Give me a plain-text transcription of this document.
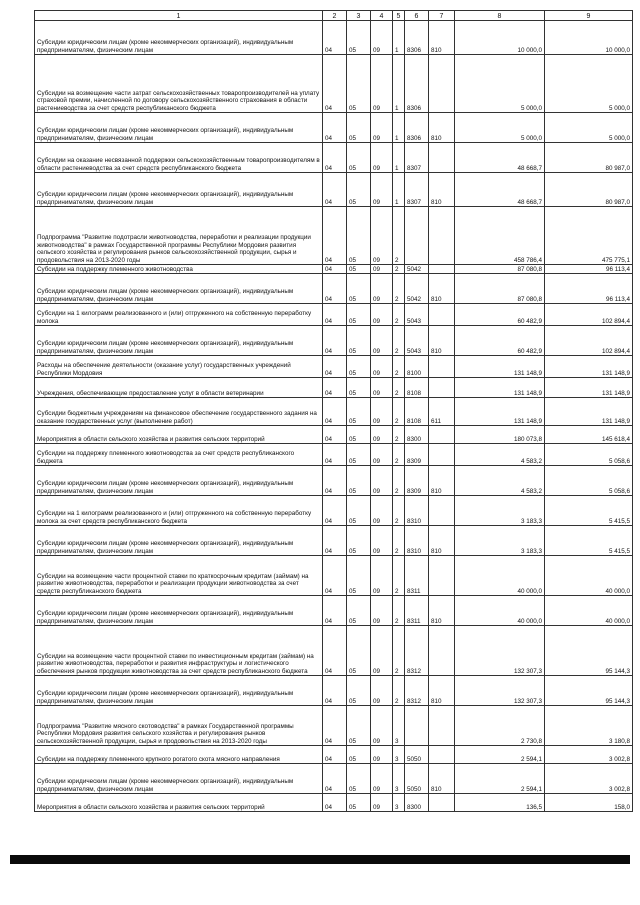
1	2	3	4	5	6	7	8	9
Субсидии юридическим лицам (кроме некоммерческих организаций), индивидуальным предпринимателям, физическим лицам	04	05	09	1	8306	810	10 000,0	10 000,0
Субсидии на возмещение части затрат сельскохозяйственных товаропроизводителей на уплату страховой премии, начисленной по договору сельскохозяйственного страхования в области растениеводства за счет средств республиканского бюджета	04	05	09	1	8306		5 000,0	5 000,0
Субсидии юридическим лицам (кроме некоммерческих организаций), индивидуальным предпринимателям, физическим лицам	04	05	09	1	8306	810	5 000,0	5 000,0
Субсидии на оказание несвязанной поддержки сельскохозяйственным товаропроизводителям в области растениеводства за счет средств республиканского бюджета	04	05	09	1	8307		48 668,7	80 987,0
Субсидии юридическим лицам (кроме некоммерческих организаций), индивидуальным предпринимателям, физическим лицам	04	05	09	1	8307	810	48 668,7	80 987,0
Подпрограмма "Развитие подотрасли животноводства, переработки и реализации продукции животноводства" в рамках Государственной программы Республики Мордовия развития сельского хозяйства и регулирования рынков сельскохозяйственной продукции, сырья и продовольствия на 2013-2020 годы	04	05	09	2			458 786,4	475 775,1
Субсидии на поддержку племенного животноводства	04	05	09	2	5042		87 080,8	96 113,4
Субсидии юридическим лицам (кроме некоммерческих организаций), индивидуальным предпринимателям, физическим лицам	04	05	09	2	5042	810	87 080,8	96 113,4
Субсидии на 1 килограмм реализованного и (или) отгруженного на собственную переработку молока	04	05	09	2	5043		60 482,9	102 894,4
Субсидии юридическим лицам (кроме некоммерческих организаций), индивидуальным предпринимателям, физическим лицам	04	05	09	2	5043	810	60 482,9	102 894,4
Расходы на обеспечение деятельности (оказание услуг) государственных учреждений Республики Мордовия	04	05	09	2	8100		131 148,9	131 148,9
Учреждения, обеспечивающие предоставление услуг в области ветеринарии	04	05	09	2	8108		131 148,9	131 148,9
Субсидии бюджетным учреждениям на финансовое обеспечение государственного задания на оказание государственных услуг (выполнение работ)	04	05	09	2	8108	611	131 148,9	131 148,9
Мероприятия в области сельского хозяйства и развития сельских территорий	04	05	09	2	8300		180 073,8	145 618,4
Субсидии на поддержку племенного животноводства за счет средств республиканского бюджета	04	05	09	2	8309		4 583,2	5 058,6
Субсидии юридическим лицам (кроме некоммерческих организаций), индивидуальным предпринимателям, физическим лицам	04	05	09	2	8309	810	4 583,2	5 058,6
Субсидии на 1 килограмм реализованного и (или) отгруженного на собственную переработку молока за счет средств республиканского бюджета	04	05	09	2	8310		3 183,3	5 415,5
Субсидии юридическим лицам (кроме некоммерческих организаций), индивидуальным предпринимателям, физическим лицам	04	05	09	2	8310	810	3 183,3	5 415,5
Субсидии на возмещение части процентной ставки по краткосрочным кредитам (займам) на развитие животноводства, переработки и реализации продукции животноводства за счет средств республиканского бюджета	04	05	09	2	8311		40 000,0	40 000,0
Субсидии юридическим лицам (кроме некоммерческих организаций), индивидуальным предпринимателям, физическим лицам	04	05	09	2	8311	810	40 000,0	40 000,0
Субсидии на возмещение части процентной ставки по инвестиционным кредитам (займам) на развитие животноводства, переработки и развития инфраструктуры и логистического обеспечения рынков продукции животноводства за счет средств республиканского бюджета	04	05	09	2	8312		132 307,3	95 144,3
Субсидии юридическим лицам (кроме некоммерческих организаций), индивидуальным предпринимателям, физическим лицам	04	05	09	2	8312	810	132 307,3	95 144,3
Подпрограмма "Развитие мясного скотоводства" в рамках Государственной программы Республики Мордовия развития сельского хозяйства и регулирования рынков сельскохозяйственной продукции, сырья и продовольствия на 2013-2020 годы	04	05	09	3			2 730,8	3 180,8
Субсидии на поддержку племенного крупного рогатого скота мясного направления	04	05	09	3	5050		2 594,1	3 002,8
Субсидии юридическим лицам (кроме некоммерческих организаций), индивидуальным предпринимателям, физическим лицам	04	05	09	3	5050	810	2 594,1	3 002,8
Мероприятия в области сельского хозяйства и развития сельских территорий	04	05	09	3	8300		136,5	158,0
